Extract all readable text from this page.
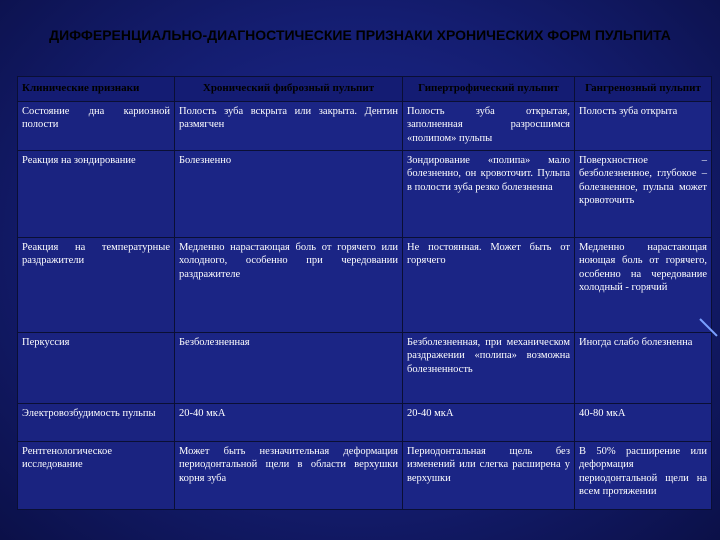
ДИФФЕРЕНЦИАЛЬНО-ДИАГНОСТИЧЕСКИЕ ПРИЗНАКИ ХРОНИЧЕСКИХ ФОРМ ПУЛЬПИТА
Клинические признаки	Хронический фиброзный пульпит	Гипертрофический пульпит	Гангренозный пульпит
Состояние дна кариозной полости	Полость зуба вскрыта или закрыта. Дентин размягчен	Полость зуба открытая, заполненная разросшимся «полипом» пульпы	Полость зуба открыта
Реакция на зондирование	Болезненно	Зондирование «полипа» мало болезненно, он кровоточит. Пульпа в полости зуба резко болезненна	Поверхностное – безболезненное, глубокое – болезненное, пульпа может кровоточить
Реакция на температурные раздражители	Медленно нарастающая боль от горячего или холодного, особенно при чередовании раздражителе	Не постоянная. Может быть от горячего	Медленно нарастающая ноющая боль от горячего, особенно на чередование холодный - горячий
Перкуссия	Безболезненная	Безболезненная, при механическом раздражении «полипа» возможна болезненность	Иногда слабо болезненна
Электровозбудимость пульпы	20-40 мкА	20-40 мкА	40-80 мкА
Рентгенологическое исследование	Может быть незначительная деформация периодонтальной щели в области верхушки корня зуба	Периодонтальная щель без изменений или слегка расширена у верхушки	В 50% расширение или деформация периодонтальной щели на всем протяжении
